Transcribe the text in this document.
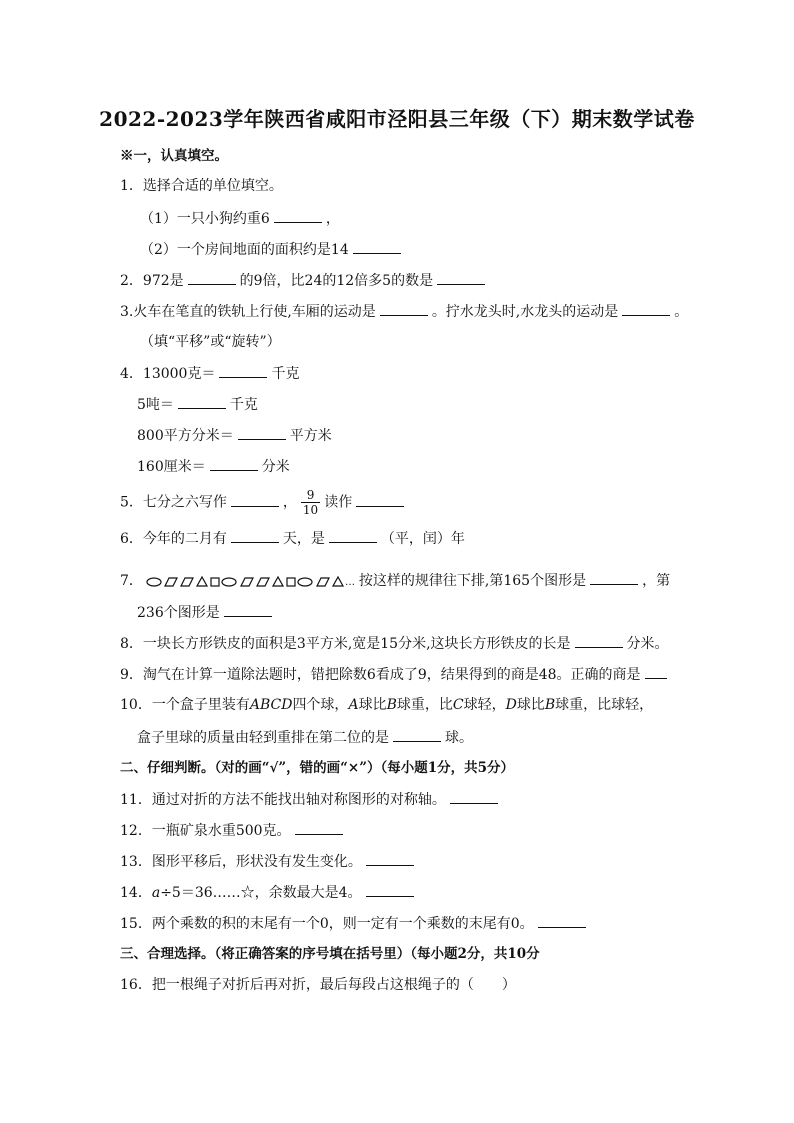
2022-2023学年陕西省咸阳市泾阳县三年级（下）期末数学试卷
※一，认真填空。
1．选择合适的单位填空。
（1）一只小狗约重6	，
（2）一个房间地面的面积约是14
2．972是	的9倍，比24的12倍多5的数是
3.火车在笔直的铁轨上行使,车厢的运动是	。拧水龙头时,水龙头的运动是	。
（填“平移”或“旋转”）
4．13000克＝	千克
5吨＝	千克
800平方分米＝	平方米
160厘米＝	分米
5．七分之六写作	， $\frac{9}{10}$ 读作
6．今年的二月有	天，是	（平，闰）年
7．	… 按这样的规律往下排,第165个图形是	，第
236个图形是
8．一块长方形铁皮的面积是3平方米,宽是15分米,这块长方形铁皮的长是	分米。
9．淘气在计算一道除法题时，错把除数6看成了9，结果得到的商是48。正确的商是
10．一个盒子里装有ABCD四个球，A球比B球重，比C球轻，D球比B球重，比球轻，
盒子里球的质量由轻到重排在第二位的是	球。
二、仔细判断。（对的画“√”，错的画“×”）（每小题1分，共5分）
11．通过对折的方法不能找出轴对称图形的对称轴。
12．一瓶矿泉水重500克。
13．图形平移后，形状没有发生变化。
14．a÷5＝36……☆，余数最大是4。
15．两个乘数的积的末尾有一个0，则一定有一个乘数的末尾有0。
三、合理选择。（将正确答案的序号填在括号里）（每小题2分，共10分
16．把一根绳子对折后再对折，最后每段占这根绳子的（　　）
